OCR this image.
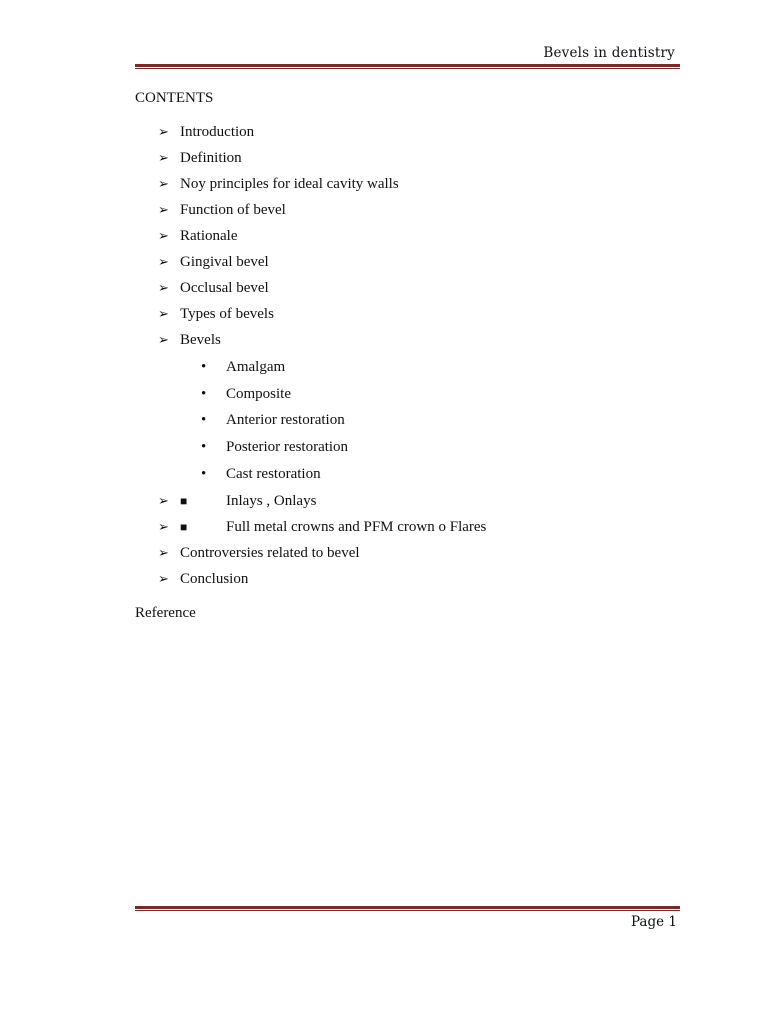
Bevels in dentistry
CONTENTS
➢ Introduction
➢ Definition
➢ Noy principles for ideal cavity walls
➢ Function of bevel
➢ Rationale
➢ Gingival bevel
➢ Occlusal bevel
➢ Types of bevels
➢ Bevels
• Amalgam
• Composite
• Anterior restoration
• Posterior restoration
• Cast restoration
➢ ■	Inlays , Onlays
➢ ■	Full metal crowns and PFM crown o Flares
➢ Controversies related to bevel
➢ Conclusion
Reference
Page 1
